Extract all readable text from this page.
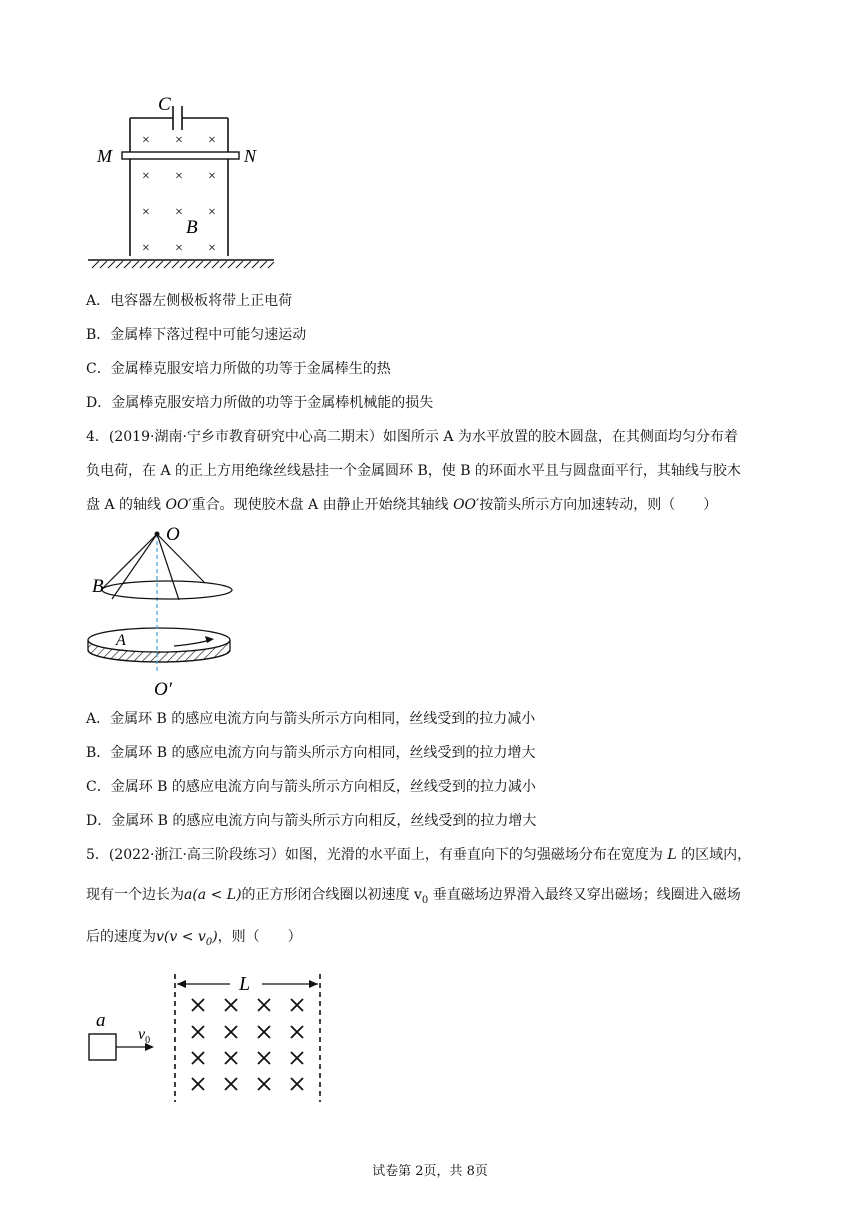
C
M	N
B
× × ×
× × ×
× × ×
× × ×
A．电容器左侧极板将带上正电荷
B．金属棒下落过程中可能匀速运动
C．金属棒克服安培力所做的功等于金属棒生的热
D．金属棒克服安培力所做的功等于金属棒机械能的损失
4．(2019·湖南·宁乡市教育研究中心高二期末）如图所示 A 为水平放置的胶木圆盘，在其侧面均匀分布着
负电荷，在 A 的正上方用绝缘丝线悬挂一个金属圆环 B，使 B 的环面水平且与圆盘面平行，其轴线与胶木
盘 A 的轴线 OO′重合。现使胶木盘 A 由静止开始绕其轴线 OO′按箭头所示方向加速转动，则（　　）
O
B
A
O′
A．金属环 B 的感应电流方向与箭头所示方向相同，丝线受到的拉力减小
B．金属环 B 的感应电流方向与箭头所示方向相同，丝线受到的拉力增大
C．金属环 B 的感应电流方向与箭头所示方向相反，丝线受到的拉力减小
D．金属环 B 的感应电流方向与箭头所示方向相反，丝线受到的拉力增大
5．(2022·浙江·高三阶段练习）如图，光滑的水平面上，有垂直向下的匀强磁场分布在宽度为 L 的区域内，
现有一个边长为a(a < L)的正方形闭合线圈以初速度 $v_0$ 垂直磁场边界滑入最终又穿出磁场；线圈进入磁场
后的速度为$v(v < v_0)$，则（　　）
a
$v_0$
L
试卷第 2页，共 8页
